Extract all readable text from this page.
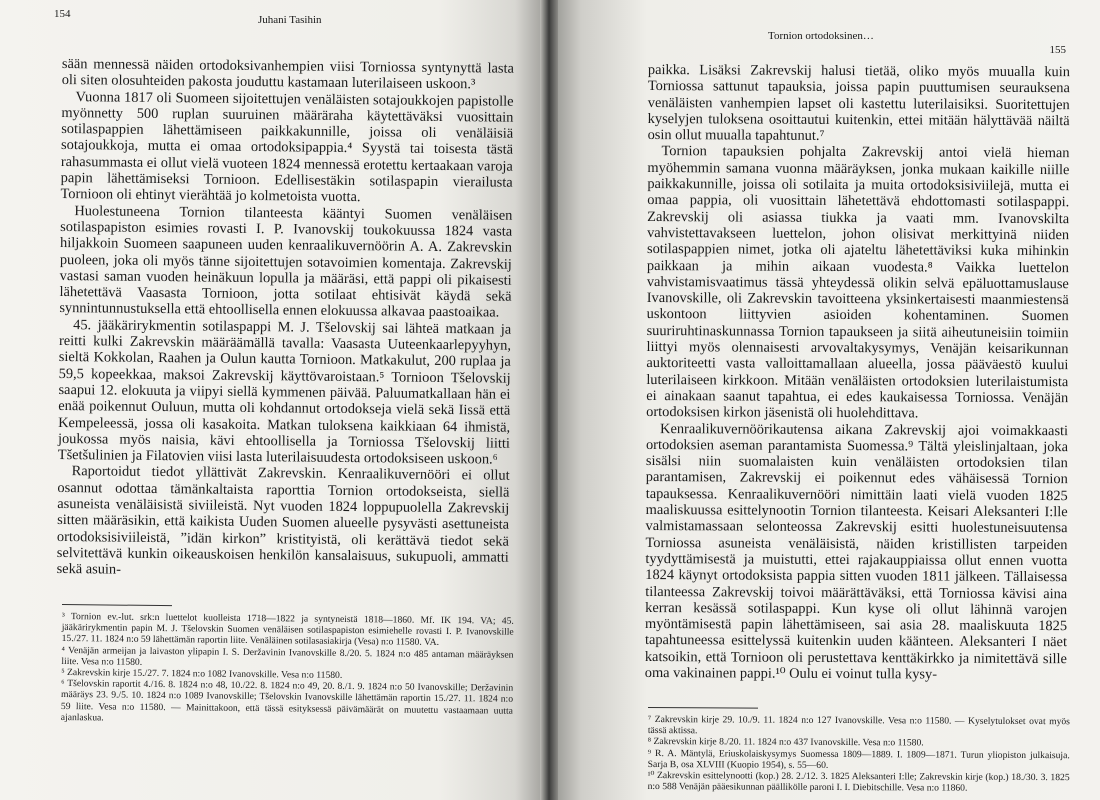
154	Juhani Tasihin

sään mennessä näiden ortodoksivanhempien viisi Torniossa syntynyttä lasta oli siten olosuhteiden pakosta jouduttu kastamaan luterilaiseen uskoon.³

Vuonna 1817 oli Suomeen sijoitettujen venäläisten sotajoukkojen papistolle myönnetty 500 ruplan suuruinen määräraha käytettäväksi vuosittain sotilaspappien lähettämiseen paikkakunnille, joissa oli venäläisiä sotajoukkoja, mutta ei omaa ortodoksipappia.⁴ Syystä tai toisesta tästä rahasummasta ei ollut vielä vuoteen 1824 mennessä erotettu kertaakaan varoja papin lähettämiseksi Tornioon. Edellisestäkin sotilaspapin vierailusta Tornioon oli ehtinyt vierähtää jo kolmetoista vuotta.

Huolestuneena Tornion tilanteesta kääntyi Suomen venäläisen sotilaspapiston esimies rovasti I. P. Ivanovskij toukokuussa 1824 vasta hiljakkoin Suomeen saapuneen uuden kenraalikuvernöörin A. A. Zakrevskin puoleen, joka oli myös tänne sijoitettujen sotavoimien komentaja. Zakrevskij vastasi saman vuoden heinäkuun lopulla ja määräsi, että pappi oli pikaisesti lähetettävä Vaasasta Tornioon, jotta sotilaat ehtisivät käydä sekä synnintunnustuksella että ehtoollisella ennen elokuussa alkavaa paastoaikaa.

45. jääkärirykmentin sotilaspappi M. J. Tšelovskij sai lähteä matkaan ja reitti kulki Zakrevskin määräämällä tavalla: Vaasasta Uuteenkaarlepyyhyn, sieltä Kokkolan, Raahen ja Oulun kautta Tornioon. Matkakulut, 200 ruplaa ja 59,5 kopeekkaa, maksoi Zakrevskij käyttövaroistaan.⁵ Tornioon Tšelovskij saapui 12. elokuuta ja viipyi siellä kymmenen päivää. Paluumatkallaan hän ei enää poikennut Ouluun, mutta oli kohdannut ortodokseja vielä sekä Iissä että Kempeleessä, jossa oli kasakoita. Matkan tuloksena kaikkiaan 64 ihmistä, joukossa myös naisia, kävi ehtoollisella ja Torniossa Tšelovskij liitti Tšetšulinien ja Filatovien viisi lasta luterilaisuudesta ortodoksiseen uskoon.⁶

Raportoidut tiedot yllättivät Zakrevskin. Kenraalikuvernööri ei ollut osannut odottaa tämänkaltaista raporttia Tornion ortodokseista, siellä asuneista venäläisistä siviileistä. Nyt vuoden 1824 loppupuolella Zakrevskij sitten määräsikin, että kaikista Uuden Suomen alueelle pysyvästi asettuneista ortodoksisiviileistä, ”idän kirkon” kristityistä, oli kerättävä tiedot sekä selvitettävä kunkin oikeauskoisen henkilön kansalaisuus, sukupuoli, ammatti sekä asuin-

³ Tornion ev.-lut. srk:n luettelot kuolleista 1718—1822 ja syntyneistä 1818—1860. Mf. IK 194. VA; 45. jääkärirykmentin papin M. J. Tšelovskin Suomen venäläisen sotilaspapiston esimiehelle rovasti I. P. Ivanovskille 15./27. 11. 1824 n:o 59 lähettämän raportin liite. Venäläinen sotilasasiakirja (Vesa) n:o 11580. VA.

⁴ Venäjän armeijan ja laivaston ylipapin I. S. Deržavinin Ivanovskille 8./20. 5. 1824 n:o 485 antaman määräyksen liite. Vesa n:o 11580.

⁵ Zakrevskin kirje 15./27. 7. 1824 n:o 1082 Ivanovskille. Vesa n:o 11580.

⁶ Tšelovskin raportit 4./16. 8. 1824 n:o 48, 10./22. 8. 1824 n:o 49, 20. 8./1. 9. 1824 n:o 50 Ivanovskille; Deržavinin määräys 23. 9./5. 10. 1824 n:o 1089 Ivanovskille; Tšelovskin Ivanovskille lähettämän raportin 15./27. 11. 1824 n:o 59 liite. Vesa n:o 11580. — Mainittakoon, että tässä esityksessä päivämäärät on muutettu vastaamaan uutta ajanlaskua.

Tornion ortodoksinen…
155

paikka. Lisäksi Zakrevskij halusi tietää, oliko myös muualla kuin Torniossa sattunut tapauksia, joissa papin puuttumisen seurauksena venäläisten vanhempien lapset oli kastettu luterilaisiksi. Suoritettujen kyselyjen tuloksena osoittautui kuitenkin, ettei mitään hälyttävää näiltä osin ollut muualla tapahtunut.⁷

Tornion tapauksien pohjalta Zakrevskij antoi vielä hieman myöhemmin samana vuonna määräyksen, jonka mukaan kaikille niille paikkakunnille, joissa oli sotilaita ja muita ortodoksisiviilejä, mutta ei omaa pappia, oli vuosittain lähetettävä ehdottomasti sotilaspappi. Zakrevskij oli asiassa tiukka ja vaati mm. Ivanovskilta vahvistettavakseen luettelon, johon olisivat merkittyinä niiden sotilaspappien nimet, jotka oli ajateltu lähetettäviksi kuka mihinkin paikkaan ja mihin aikaan vuodesta.⁸ Vaikka luettelon vahvistamisvaatimus tässä yhteydessä olikin selvä epäluottamuslause Ivanovskille, oli Zakrevskin tavoitteena yksinkertaisesti maanmiestensä uskontoon liittyvien asioiden kohentaminen. Suomen suuriruhtinaskunnassa Tornion tapaukseen ja siitä aiheutuneisiin toimiin liittyi myös olennaisesti arvovaltakysymys, Venäjän keisarikunnan auktoriteetti vasta valloittamallaan alueella, jossa pääväestö kuului luterilaiseen kirkkoon. Mitään venäläisten ortodoksien luterilaistumista ei ainakaan saanut tapahtua, ei edes kaukaisessa Torniossa. Venäjän ortodoksisen kirkon jäsenistä oli huolehdittava.

Kenraalikuvernöörikautensa aikana Zakrevskij ajoi voimakkaasti ortodoksien aseman parantamista Suomessa.⁹ Tältä yleislinjaltaan, joka sisälsi niin suomalaisten kuin venäläisten ortodoksien tilan parantamisen, Zakrevskij ei poikennut edes vähäisessä Tornion tapauksessa. Kenraalikuvernööri nimittäin laati vielä vuoden 1825 maaliskuussa esittelynootin Tornion tilanteesta. Keisari Aleksanteri I:lle valmistamassaan selonteossa Zakrevskij esitti huolestuneisuutensa Torniossa asuneista venäläisistä, näiden kristillisten tarpeiden tyydyttämisestä ja muistutti, ettei rajakauppiaissa ollut ennen vuotta 1824 käynyt ortodoksista pappia sitten vuoden 1811 jälkeen. Tällaisessa tilanteessa Zakrevskij toivoi määrättäväksi, että Torniossa kävisi aina kerran kesässä sotilaspappi. Kun kyse oli ollut lähinnä varojen myöntämisestä papin lähettämiseen, sai asia 28. maaliskuuta 1825 tapahtuneessa esittelyssä kuitenkin uuden käänteen. Aleksanteri I näet katsoikin, että Tornioon oli perustettava kenttäkirkko ja nimitettävä sille oma vakinainen pappi.¹⁰ Oulu ei voinut tulla kysy-

⁷ Zakrevskin kirje 29. 10./9. 11. 1824 n:o 127 Ivanovskille. Vesa n:o 11580. — Kyselytulokset ovat myös tässä aktissa.

⁸ Zakrevskin kirje 8./20. 11. 1824 n:o 437 Ivanovskille. Vesa n:o 11580.

⁹ R. A. Mäntylä, Eriuskolaiskysymys Suomessa 1809—1889. I. 1809—1871. Turun yliopiston julkaisuja. Sarja B, osa XLVIII (Kuopio 1954), s. 55—60.

¹⁰ Zakrevskin esittelynootti (kop.) 28. 2./12. 3. 1825 Aleksanteri I:lle; Zakrevskin kirje (kop.) 18./30. 3. 1825 n:o 588 Venäjän pääesikunnan päällikölle paroni I. I. Diebitschille. Vesa n:o 11860.
